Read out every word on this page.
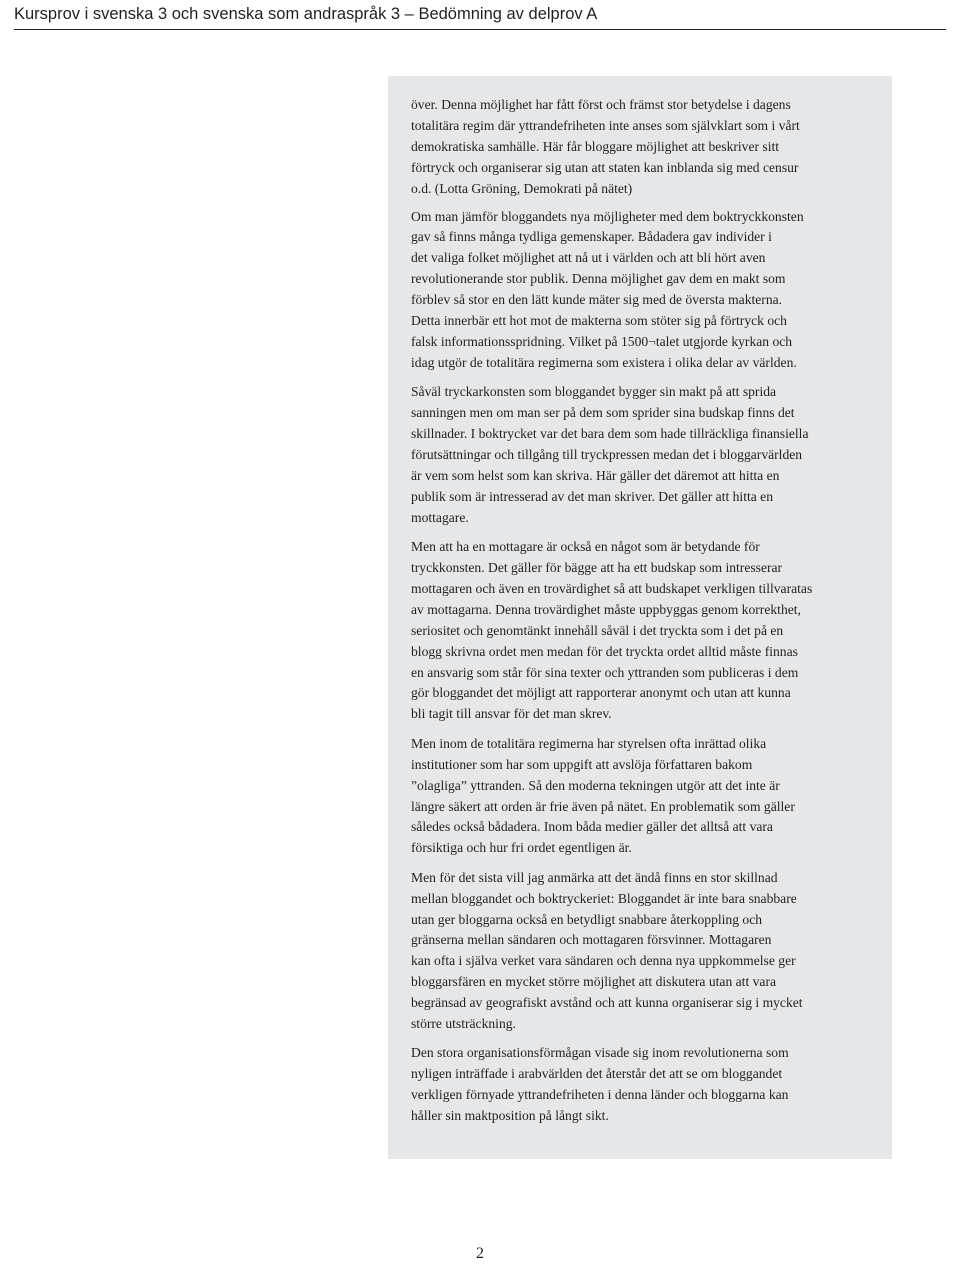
Kursprov i svenska 3 och svenska som andraspråk 3 – Bedömning av delprov A

över. Denna möjlighet har fått först och främst stor betydelse i dagens
totalitära regim där yttrandefriheten inte anses som självklart som i vårt
demokratiska samhälle. Här får bloggare möjlighet att beskriver sitt
förtryck och organiserar sig utan att staten kan inblanda sig med censur
o.d. (Lotta Gröning, Demokrati på nätet)

Om man jämför bloggandets nya möjligheter med dem boktryckkonsten
gav så finns många tydliga gemenskaper. Bådadera gav individer i
det valiga folket möjlighet att nå ut i världen och att bli hört aven
revolutionerande stor publik. Denna möjlighet gav dem en makt som
förblev så stor en den lätt kunde mäter sig med de översta makterna.
Detta innerbär ett hot mot de makterna som stöter sig på förtryck och
falsk informationsspridning. Vilket på 1500¬talet utgjorde kyrkan och
idag utgör de totalitära regimerna som existera i olika delar av världen.

Såväl tryckarkonsten som bloggandet bygger sin makt på att sprida
sanningen men om man ser på dem som sprider sina budskap finns det
skillnader. I boktrycket var det bara dem som hade tillräckliga finansiella
förutsättningar och tillgång till tryckpressen medan det i bloggarvärlden
är vem som helst som kan skriva. Här gäller det däremot att hitta en
publik som är intresserad av det man skriver. Det gäller att hitta en
mottagare.

Men att ha en mottagare är också en något som är betydande för
tryckkonsten. Det gäller för bägge att ha ett budskap som intresserar
mottagaren och även en trovärdighet så att budskapet verkligen tillvaratas
av mottagarna. Denna trovärdighet måste uppbyggas genom korrekthet,
seriositet och genomtänkt innehåll såväl i det tryckta som i det på en
blogg skrivna ordet men medan för det tryckta ordet alltid måste finnas
en ansvarig som står för sina texter och yttranden som publiceras i dem
gör bloggandet det möjligt att rapporterar anonymt och utan att kunna
bli tagit till ansvar för det man skrev.

Men inom de totalitära regimerna har styrelsen ofta inrättad olika
institutioner som har som uppgift att avslöja författaren bakom
”olagliga” yttranden. Så den moderna tekningen utgör att det inte är
längre säkert att orden är frie även på nätet. En problematik som gäller
således också bådadera. Inom båda medier gäller det alltså att vara
försiktiga och hur fri ordet egentligen är.

Men för det sista vill jag anmärka att det ändå finns en stor skillnad
mellan bloggandet och boktryckeriet: Bloggandet är inte bara snabbare
utan ger bloggarna också en betydligt snabbare återkoppling och
gränserna mellan sändaren och mottagaren försvinner. Mottagaren
kan ofta i själva verket vara sändaren och denna nya uppkommelse ger
bloggarsfären en mycket större möjlighet att diskutera utan att vara
begränsad av geografiskt avstånd och att kunna organiserar sig i mycket
större utsträckning.

Den stora organisationsförmågan visade sig inom revolutionerna som
nyligen inträffade i arabvärlden det återstår det att se om bloggandet
verkligen förnyade yttrandefriheten i denna länder och bloggarna kan
håller sin maktposition på långt sikt.

2
